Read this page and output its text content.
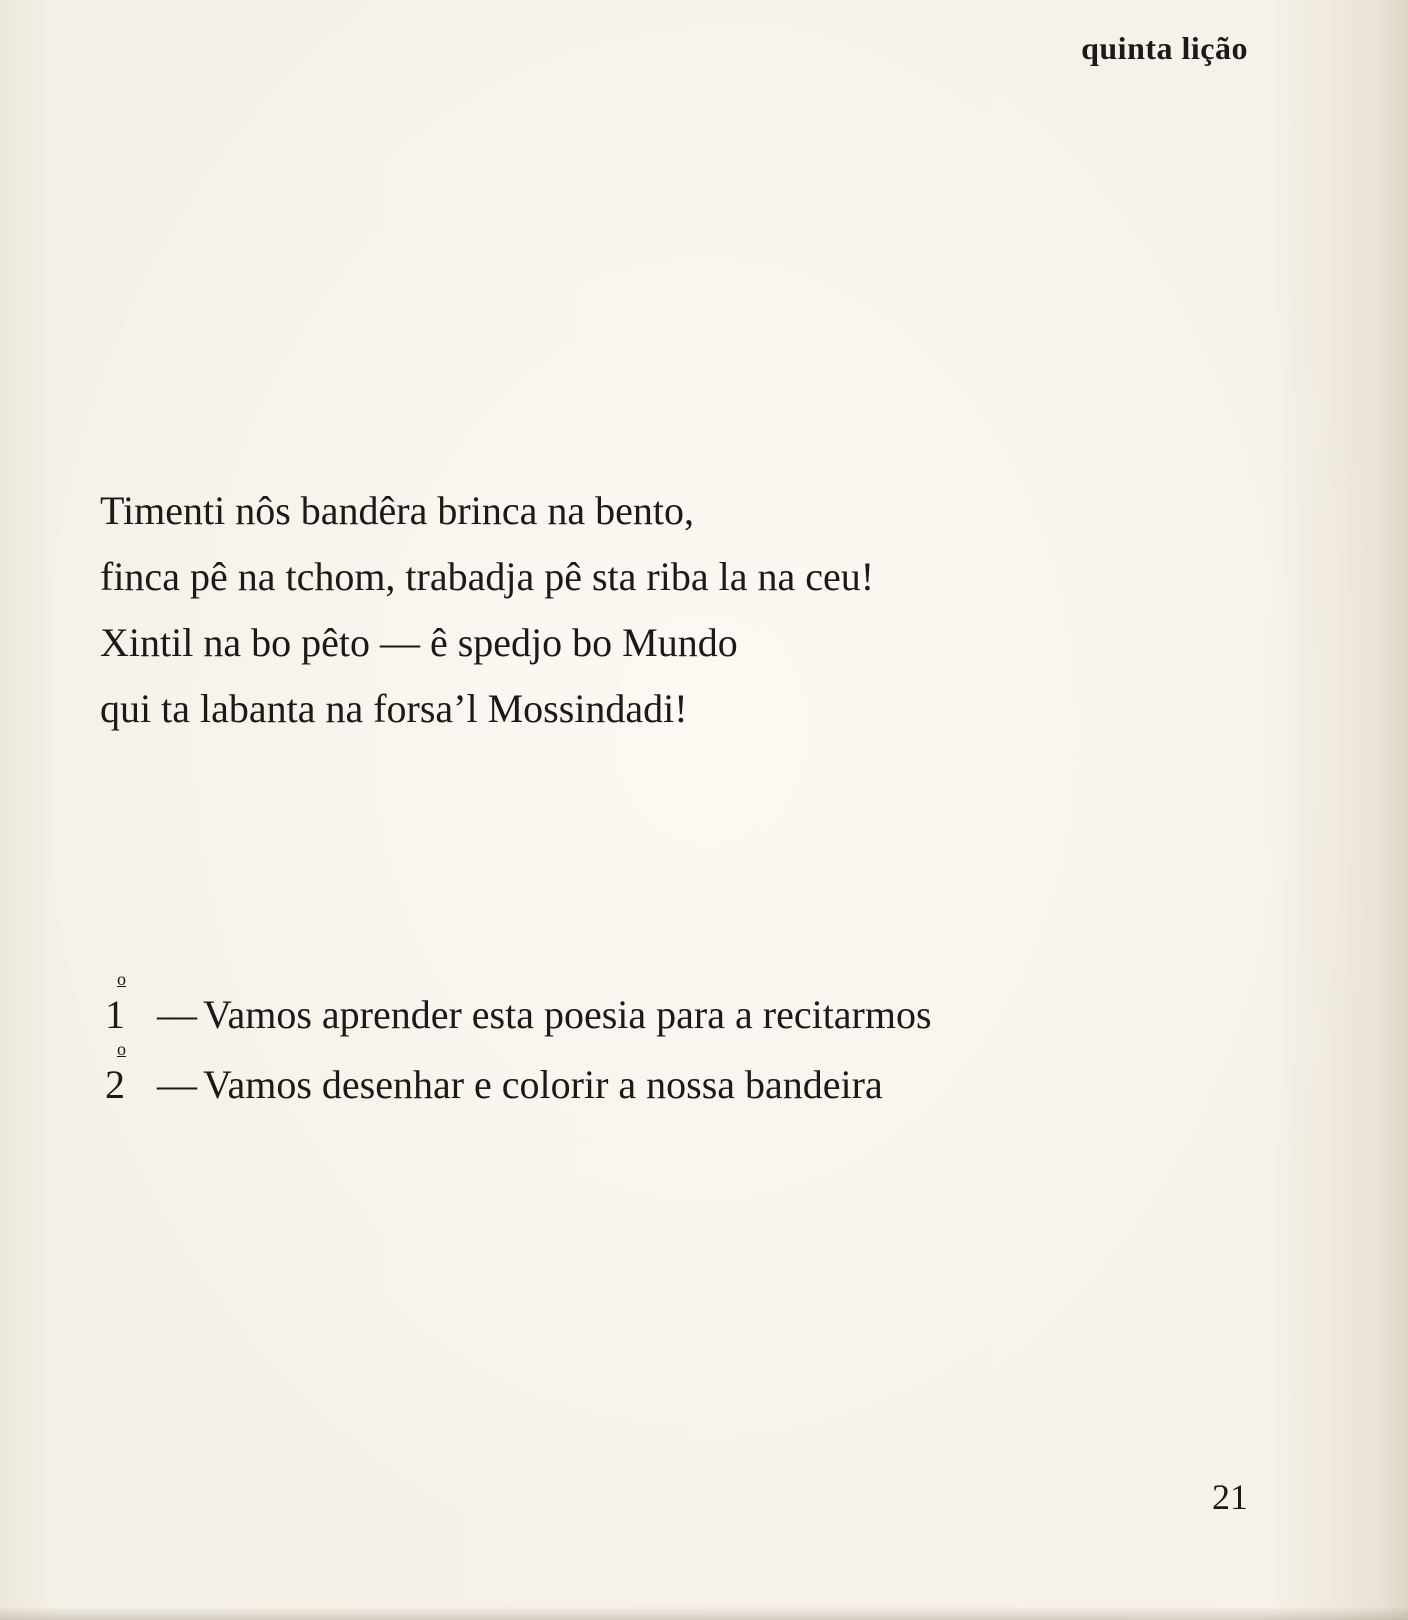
quinta lição
Timenti nôs bandêra brinca na bento,
finca pê na tchom, trabadja pê sta riba la na ceu!
Xintil na bo pêto — ê spedjo bo Mundo
qui ta labanta na forsa’l Mossindadi!
1
o
— Vamos aprender esta poesia para a recitarmos
2
o
— Vamos desenhar e colorir a nossa bandeira
21
